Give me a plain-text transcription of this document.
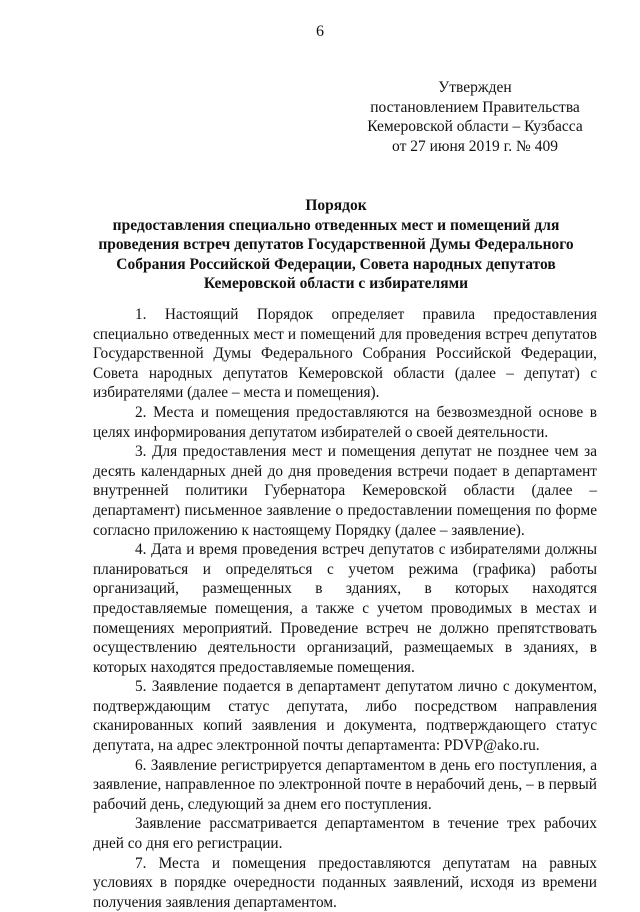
6
Утвержден
постановлением Правительства
Кемеровской области – Кузбасса
от 27 июня 2019 г. № 409
Порядок
предоставления специально отведенных мест и помещений для
проведения встреч депутатов Государственной Думы Федерального
Собрания Российской Федерации, Совета народных депутатов
Кемеровской области с избирателями

1. Настоящий Порядок определяет правила предоставления специально отведенных мест и помещений для проведения встреч депутатов Государственной Думы Федерального Собрания Российской Федерации, Совета народных депутатов Кемеровской области (далее – депутат) с избирателями (далее – места и помещения).

2. Места и помещения предоставляются на безвозмездной основе в целях информирования депутатом избирателей о своей деятельности.

3. Для предоставления мест и помещения депутат не позднее чем за десять календарных дней до дня проведения встречи подает в департамент внутренней политики Губернатора Кемеровской области (далее – департамент) письменное заявление о предоставлении помещения по форме согласно приложению к настоящему Порядку (далее – заявление).

4. Дата и время проведения встреч депутатов с избирателями должны планироваться и определяться с учетом режима (графика) работы организаций, размещенных в зданиях, в которых находятся предоставляемые помещения, а также с учетом проводимых в местах и помещениях мероприятий. Проведение встреч не должно препятствовать осуществлению деятельности организаций, размещаемых в зданиях, в которых находятся предоставляемые помещения.

5. Заявление подается в департамент депутатом лично с документом, подтверждающим статус депутата, либо посредством направления сканированных копий заявления и документа, подтверждающего статус депутата, на адрес электронной почты департамента: PDVP@ako.ru.

6. Заявление регистрируется департаментом в день его поступления, а заявление, направленное по электронной почте в нерабочий день, – в первый рабочий день, следующий за днем его поступления.

Заявление рассматривается департаментом в течение трех рабочих дней со дня его регистрации.

7. Места и помещения предоставляются депутатам на равных условиях в порядке очередности поданных заявлений, исходя из времени получения заявления департаментом.
